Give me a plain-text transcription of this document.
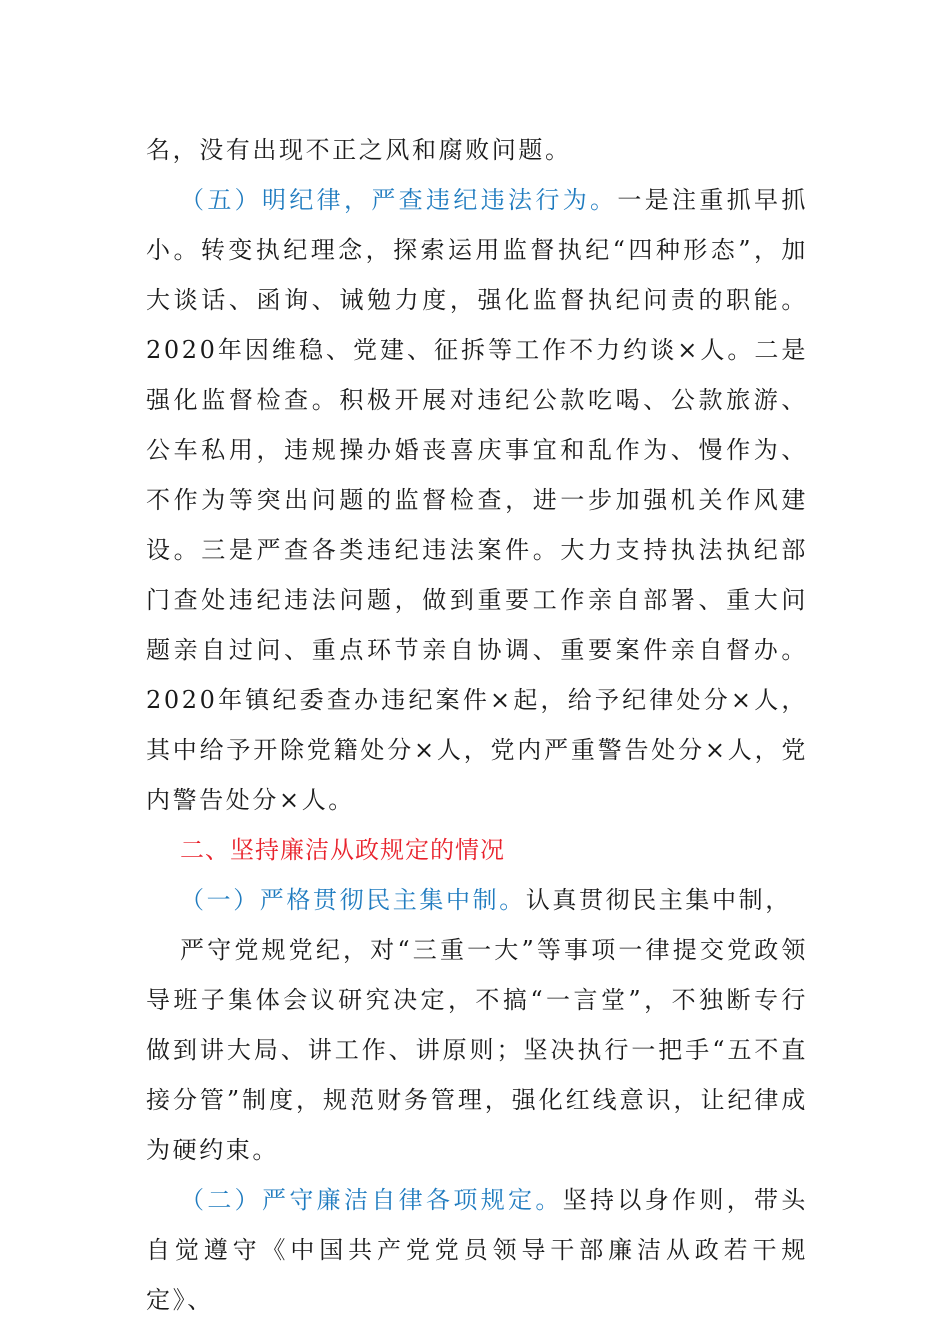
名，没有出现不正之风和腐败问题。

（五）明纪律，严查违纪违法行为。一是注重抓早抓小。转变执纪理念，探索运用监督执纪“四种形态”，加大谈话、函询、诫勉力度，强化监督执纪问责的职能。2020年因维稳、党建、征拆等工作不力约谈×人。二是强化监督检查。积极开展对违纪公款吃喝、公款旅游、公车私用，违规操办婚丧喜庆事宜和乱作为、慢作为、不作为等突出问题的监督检查，进一步加强机关作风建设。三是严查各类违纪违法案件。大力支持执法执纪部门查处违纪违法问题，做到重要工作亲自部署、重大问题亲自过问、重点环节亲自协调、重要案件亲自督办。2020年镇纪委查办违纪案件×起，给予纪律处分×人，其中给予开除党籍处分×人，党内严重警告处分×人，党内警告处分×人。

二、坚持廉洁从政规定的情况

（一）严格贯彻民主集中制。认真贯彻民主集中制，

严守党规党纪，对“三重一大”等事项一律提交党政领导班子集体会议研究决定，不搞“一言堂”，不独断专行做到讲大局、讲工作、讲原则；坚决执行一把手“五不直接分管”制度，规范财务管理，强化红线意识，让纪律成为硬约束。

（二）严守廉洁自律各项规定。坚持以身作则，带头自觉遵守《中国共产党党员领导干部廉洁从政若干规定》、
